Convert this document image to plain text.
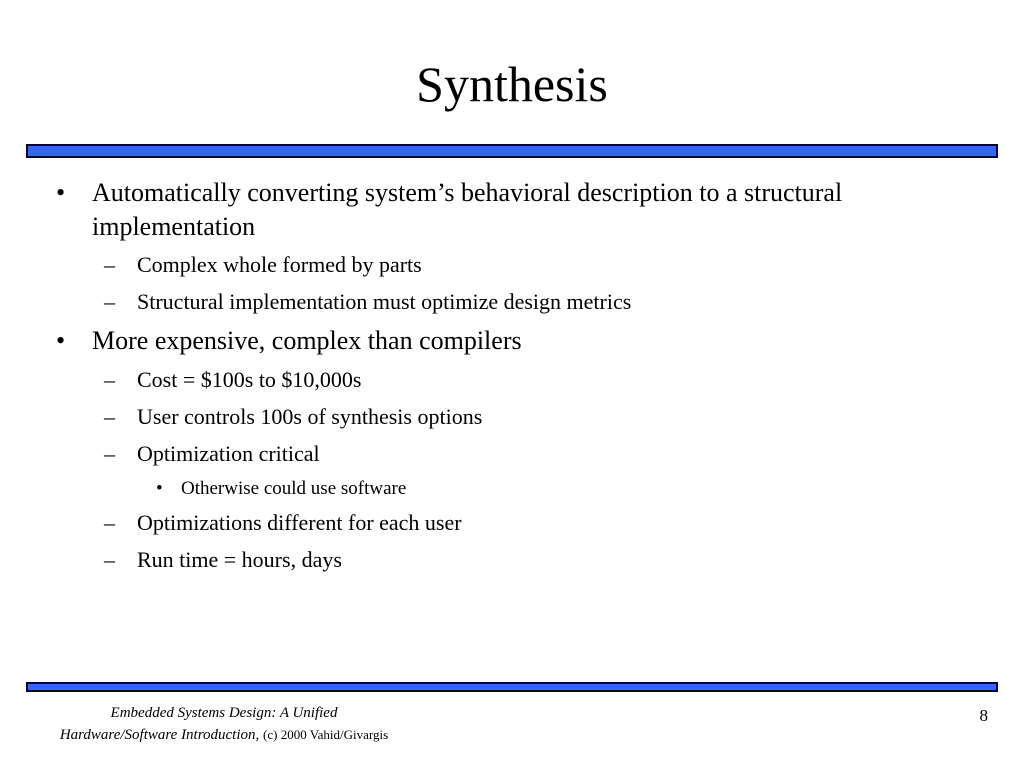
Synthesis
• Automatically converting system’s behavioral description to a structural implementation
– Complex whole formed by parts
– Structural implementation must optimize design metrics
• More expensive, complex than compilers
– Cost = $100s to $10,000s
– User controls 100s of synthesis options
– Optimization critical
• Otherwise could use software
– Optimizations different for each user
– Run time = hours, days
Embedded Systems Design: A Unified
Hardware/Software Introduction, (c) 2000 Vahid/Givargis
8
